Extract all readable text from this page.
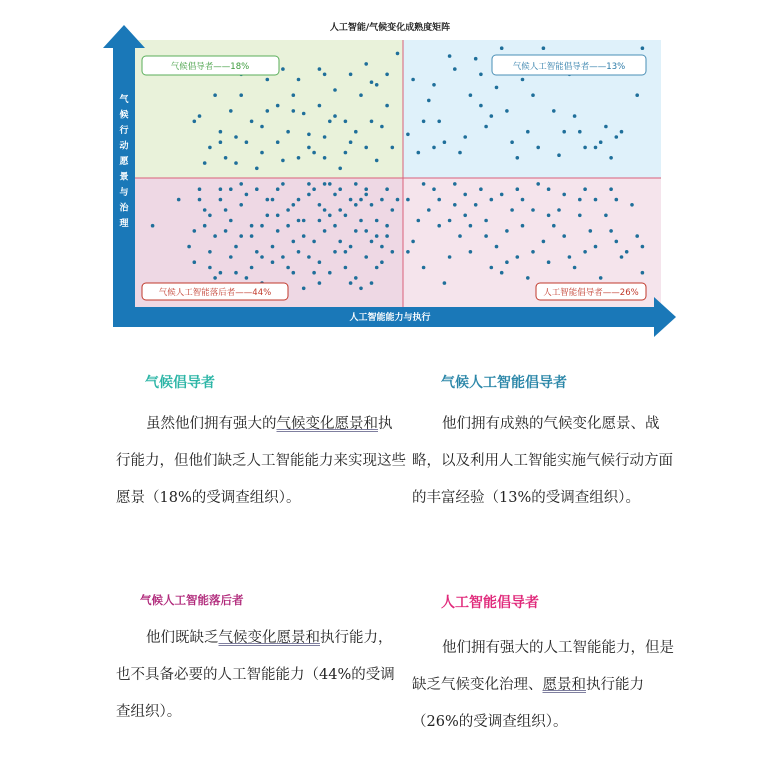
人工智能/气候变化成熟度矩阵
气候行动愿景与治理
人工智能能力与执行
气候倡导者——18%	气候人工智能倡导者——13%
气候人工智能落后者——44%	人工智能倡导者——26%
气候倡导者
虽然他们拥有强大的气候变化愿景和执行能力，但他们缺乏人工智能能力来实现这些愿景（18%的受调查组织）。
气候人工智能倡导者
他们拥有成熟的气候变化愿景、战略，以及利用人工智能实施气候行动方面的丰富经验（13%的受调查组织）。
气候人工智能落后者
他们既缺乏气候变化愿景和执行能力，也不具备必要的人工智能能力（44%的受调查组织）。
人工智能倡导者
他们拥有强大的人工智能能力，但是缺乏气候变化治理、愿景和执行能力（26%的受调查组织）。
